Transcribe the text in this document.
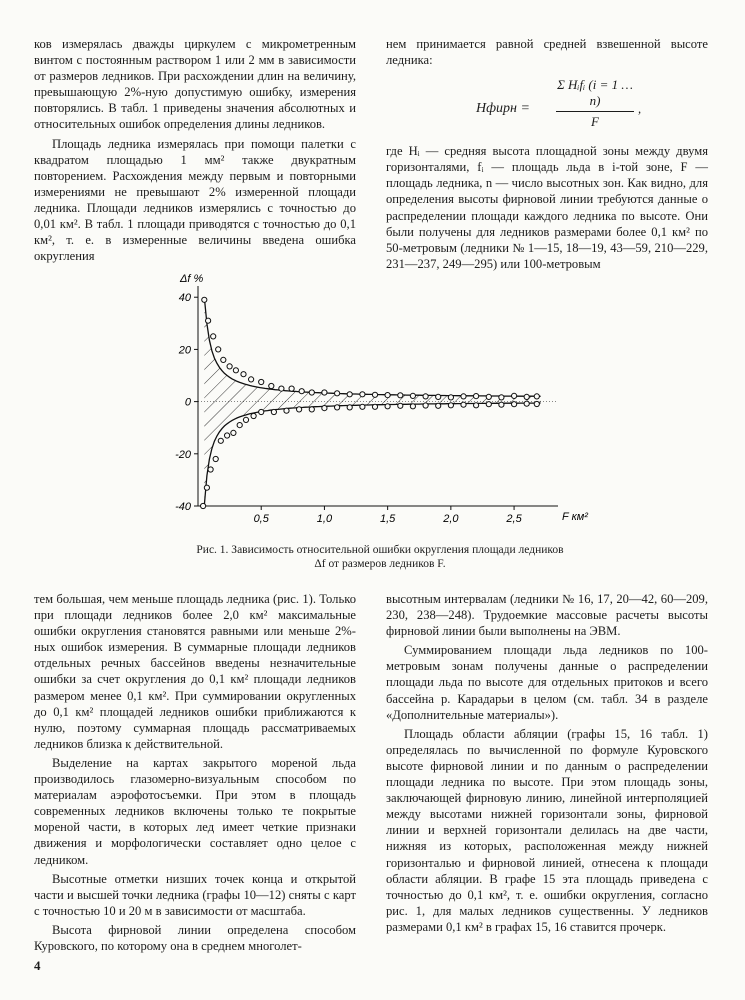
ков измерялась дважды циркулем с микрометренным винтом с постоянным раствором 1 или 2 мм в зависимости от размеров ледников. При расхождении длин на величину, превышающую 2%-ную допустимую ошибку, измерения повторялись. В табл. 1 приведены значения абсолютных и относительных ошибок определения длины ледников.

Площадь ледника измерялась при помощи палетки с квадратом площадью 1 мм² также двукратным повторением. Расхождения между первым и повторными измерениями не превышают 2% измеренной площади ледника. Площади ледников измерялись с точностью до 0,01 км². В табл. 1 площади приводятся с точностью до 0,1 км², т. е. в измеренные величины введена ошибка округления

нем принимается равной средней взвешенной высоте ледника:

Hфирн =
Σ Hᵢfᵢ (i = 1 … n)
F
,

где Hᵢ — средняя высота площадной зоны между двумя горизонталями, fᵢ — площадь льда в i-той зоне, F — площадь ледника, n — число высотных зон. Как видно, для определения высоты фирновой линии требуются данные о распределении площади каждого ледника по высоте. Они были получены для ледников размерами более 0,1 км² по 50-метровым (ледники № 1—15, 18—19, 43—59, 210—229, 231—237, 249—295) или 100-метровым

0,5	1,0	1,5	2,0	2,5
40
20
0
-20
-40
F км²
Δf %
Рис. 1. Зависимость относительной ошибки округления площади ледников
Δf от размеров ледников F.

тем большая, чем меньше площадь ледника (рис. 1). Только при площади ледников более 2,0 км² максимальные ошибки округления становятся равными или меньше 2%-ных ошибок измерения. В суммарные площади ледников отдельных речных бассейнов введены незначительные ошибки за счет округления до 0,1 км² площади ледников размером менее 0,1 км². При суммировании округленных до 0,1 км² площадей ледников ошибки приближаются к нулю, поэтому суммарная площадь рассматриваемых ледников близка к действительной.

Выделение на картах закрытого мореной льда производилось глазомерно-визуальным способом по материалам аэрофотосъемки. При этом в площадь современных ледников включены только те покрытые мореной части, в которых лед имеет четкие признаки движения и морфологически составляет одно целое с ледником.

Высотные отметки низших точек конца и открытой части и высшей точки ледника (графы 10—12) сняты с карт с точностью 10 и 20 м в зависимости от масштаба.

Высота фирновой линии определена способом Куровского, по которому она в среднем многолет-

высотным интервалам (ледники № 16, 17, 20—42, 60—209, 230, 238—248). Трудоемкие массовые расчеты высоты фирновой линии были выполнены на ЭВМ.

Суммированием площади льда ледников по 100-метровым зонам получены данные о распределении площади льда по высоте для отдельных притоков и всего бассейна р. Карадарьи в целом (см. табл. 34 в разделе «Дополнительные материалы»).

Площадь области абляции (графы 15, 16 табл. 1) определялась по вычисленной по формуле Куровского высоте фирновой линии и по данным о распределении площади ледника по высоте. При этом площадь зоны, заключающей фирновую линию, линейной интерполяцией между высотами нижней горизонтали зоны, фирновой линии и верхней горизонтали делилась на две части, нижняя из которых, расположенная между нижней горизонталью и фирновой линией, отнесена к площади области абляции. В графе 15 эта площадь приведена с точностью до 0,1 км², т. е. ошибки округления, согласно рис. 1, для малых ледников существенны. У ледников размерами 0,1 км² в графах 15, 16 ставится прочерк.

4
